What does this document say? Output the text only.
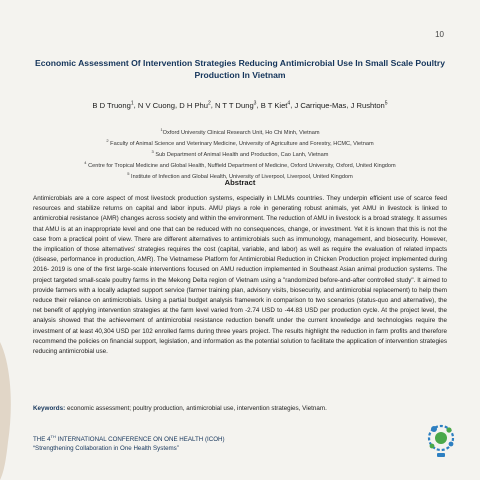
10
Economic Assessment Of Intervention Strategies Reducing Antimicrobial Use In Small Scale Poultry Production In Vietnam
B D Truong$^1$, N V Cuong, D H Phu$^2$, N T T Dung$^3$, B T Kiet$^4$, J Carrique-Mas, J Rushton$^5$
$^1$Oxford University Clinical Research Unit, Ho Chi Minh, Vietnam
$^2$ Faculty of Animal Science and Veterinary Medicine, University of Agriculture and Forestry, HCMC, Vietnam
$^3$ Sub Department of Animal Health and Production, Cao Lanh, Vietnam
$^4$ Centre for Tropical Medicine and Global Health, Nuffield Department of Medicine, Oxford University, Oxford, United Kingdom
$^5$ Institute of Infection and Global Health, University of Liverpool, Liverpool, United Kingdom
Abstract
Antimicrobials are a core aspect of most livestock production systems, especially in LMLMs countries. They underpin efficient use of scarce feed resources and stabilize returns on capital and labor inputs. AMU plays a role in generating robust animals, yet AMU in livestock is linked to antimicrobial resistance (AMR) changes across society and within the environment. The reduction of AMU in livestock is a broad strategy. It assumes that AMU is at an inappropriate level and one that can be reduced with no consequences, change, or investment. Yet it is known that this is not the case from a practical point of view. There are different alternatives to antimicrobials such as immunology, management, and biosecurity. However, the implication of those alternatives' strategies requires the cost (capital, variable, and labor) as well as require the evaluation of related impacts (disease, performance in production, AMR). The Vietnamese Platform for Antimicrobial Reduction in Chicken Production project implemented during 2016- 2019 is one of the first large-scale interventions focused on AMU reduction implemented in Southeast Asian animal production systems. The project targeted small-scale poultry farms in the Mekong Delta region of Vietnam using a "randomized before-and-after controlled study". It aimed to provide farmers with a locally adapted support service (farmer training plan, advisory visits, biosecurity, and antimicrobial replacement) to help them reduce their reliance on antimicrobials. Using a partial budget analysis framework in comparison to two scenarios (status-quo and alternative), the net benefit of applying intervention strategies at the farm level varied from -2.74 USD to -44.83 USD per production cycle. At the project level, the analysis showed that the achievement of antimicrobial resistance reduction benefit under the current knowledge and technologies require the investment of at least 40,304 USD per 102 enrolled farms during three years project. The results highlight the reduction in farm profits and therefore recommend the policies on financial support, legislation, and information as the potential solution to facilitate the application of intervention strategies reducing antimicrobial use.
Keywords: economic assessment; poultry production, antimicrobial use, intervention strategies, Vietnam.
THE 4TH INTERNATIONAL CONFERENCE ON ONE HEALTH (ICOH)
“Strengthening Collaboration in One Health Systems”
